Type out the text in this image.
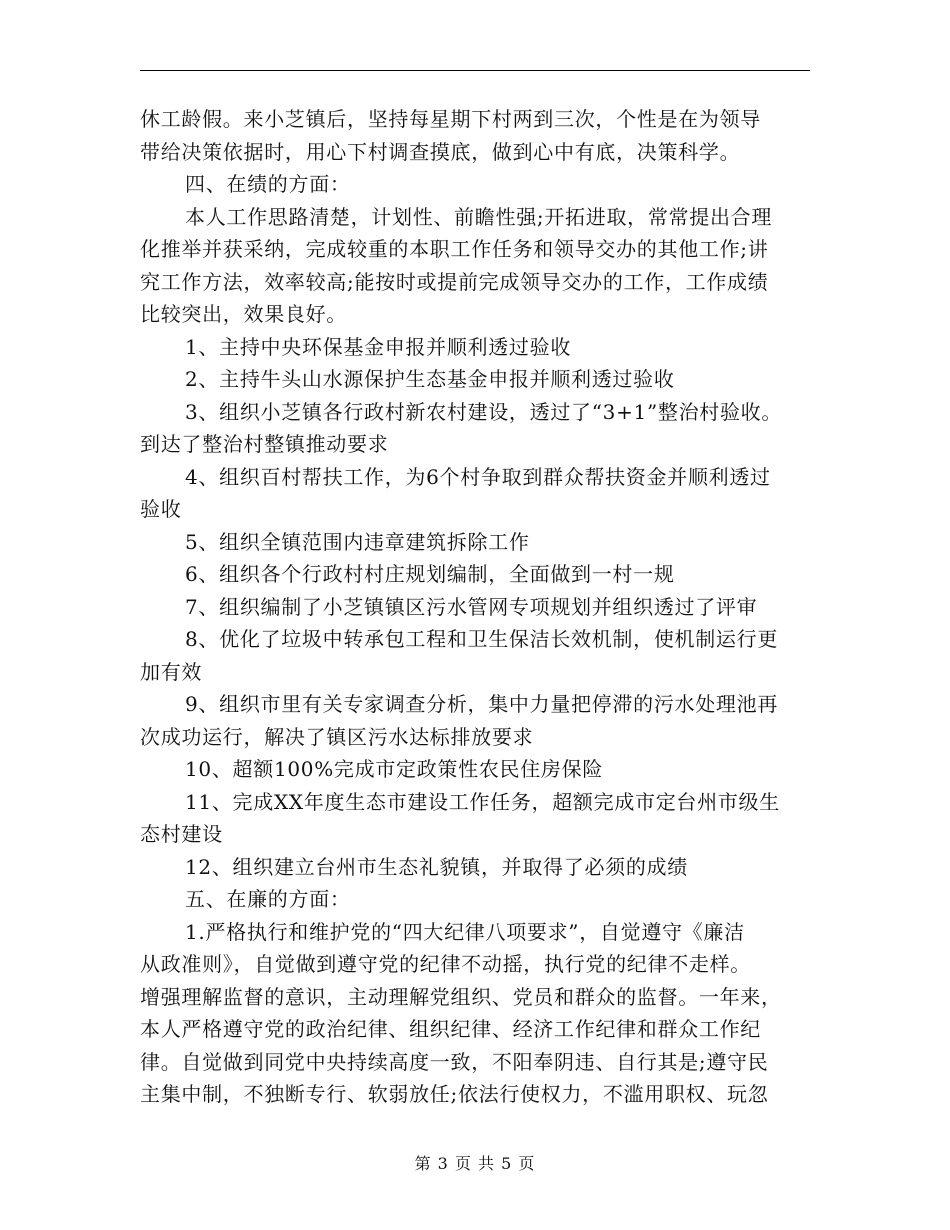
休工龄假。来小芝镇后，坚持每星期下村两到三次，个性是在为领导
带给决策依据时，用心下村调查摸底，做到心中有底，决策科学。
四、在绩的方面：
本人工作思路清楚，计划性、前瞻性强;开拓进取，常常提出合理
化推举并获采纳，完成较重的本职工作任务和领导交办的其他工作;讲
究工作方法，效率较高;能按时或提前完成领导交办的工作，工作成绩
比较突出，效果良好。
1、主持中央环保基金申报并顺利透过验收
2、主持牛头山水源保护生态基金申报并顺利透过验收
3、组织小芝镇各行政村新农村建设，透过了“3+1”整治村验收。
到达了整治村整镇推动要求
4、组织百村帮扶工作，为6个村争取到群众帮扶资金并顺利透过
验收
5、组织全镇范围内违章建筑拆除工作
6、组织各个行政村村庄规划编制，全面做到一村一规
7、组织编制了小芝镇镇区污水管网专项规划并组织透过了评审
8、优化了垃圾中转承包工程和卫生保洁长效机制，使机制运行更
加有效
9、组织市里有关专家调查分析，集中力量把停滞的污水处理池再
次成功运行，解决了镇区污水达标排放要求
10、超额100%完成市定政策性农民住房保险
11、完成XX年度生态市建设工作任务，超额完成市定台州市级生
态村建设
12、组织建立台州市生态礼貌镇，并取得了必须的成绩
五、在廉的方面：
1.严格执行和维护党的“四大纪律八项要求”，自觉遵守《廉洁
从政准则》，自觉做到遵守党的纪律不动摇，执行党的纪律不走样。
增强理解监督的意识，主动理解党组织、党员和群众的监督。一年来，
本人严格遵守党的政治纪律、组织纪律、经济工作纪律和群众工作纪
律。自觉做到同党中央持续高度一致，不阳奉阴违、自行其是;遵守民
主集中制，不独断专行、软弱放任;依法行使权力，不滥用职权、玩忽
第 3 页 共 5 页
